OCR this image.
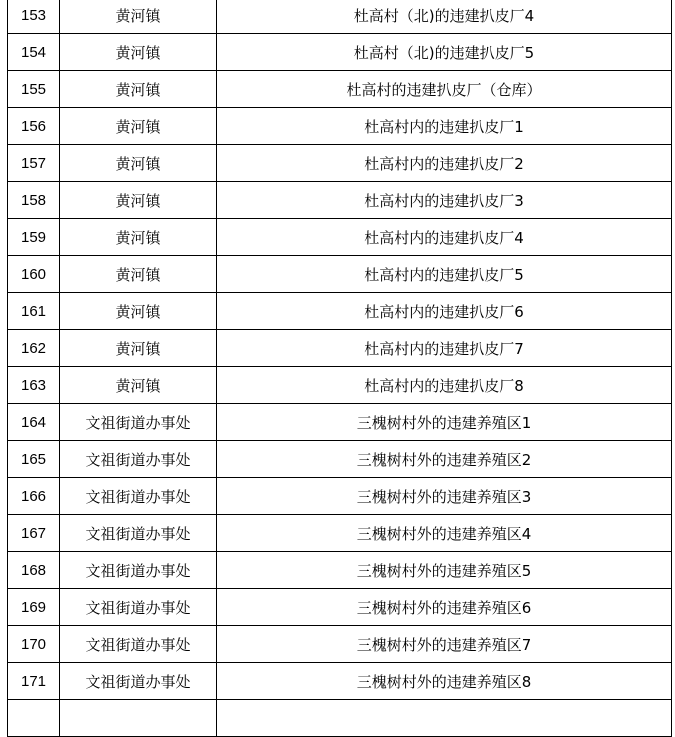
153	黄河镇	杜高村（北)的违建扒皮厂4
154	黄河镇	杜高村（北)的违建扒皮厂5
155	黄河镇	杜高村的违建扒皮厂（仓库）
156	黄河镇	杜高村内的违建扒皮厂1
157	黄河镇	杜高村内的违建扒皮厂2
158	黄河镇	杜高村内的违建扒皮厂3
159	黄河镇	杜高村内的违建扒皮厂4
160	黄河镇	杜高村内的违建扒皮厂5
161	黄河镇	杜高村内的违建扒皮厂6
162	黄河镇	杜高村内的违建扒皮厂7
163	黄河镇	杜高村内的违建扒皮厂8
164	文祖街道办事处	三槐树村外的违建养殖区1
165	文祖街道办事处	三槐树村外的违建养殖区2
166	文祖街道办事处	三槐树村外的违建养殖区3
167	文祖街道办事处	三槐树村外的违建养殖区4
168	文祖街道办事处	三槐树村外的违建养殖区5
169	文祖街道办事处	三槐树村外的违建养殖区6
170	文祖街道办事处	三槐树村外的违建养殖区7
171	文祖街道办事处	三槐树村外的违建养殖区8
